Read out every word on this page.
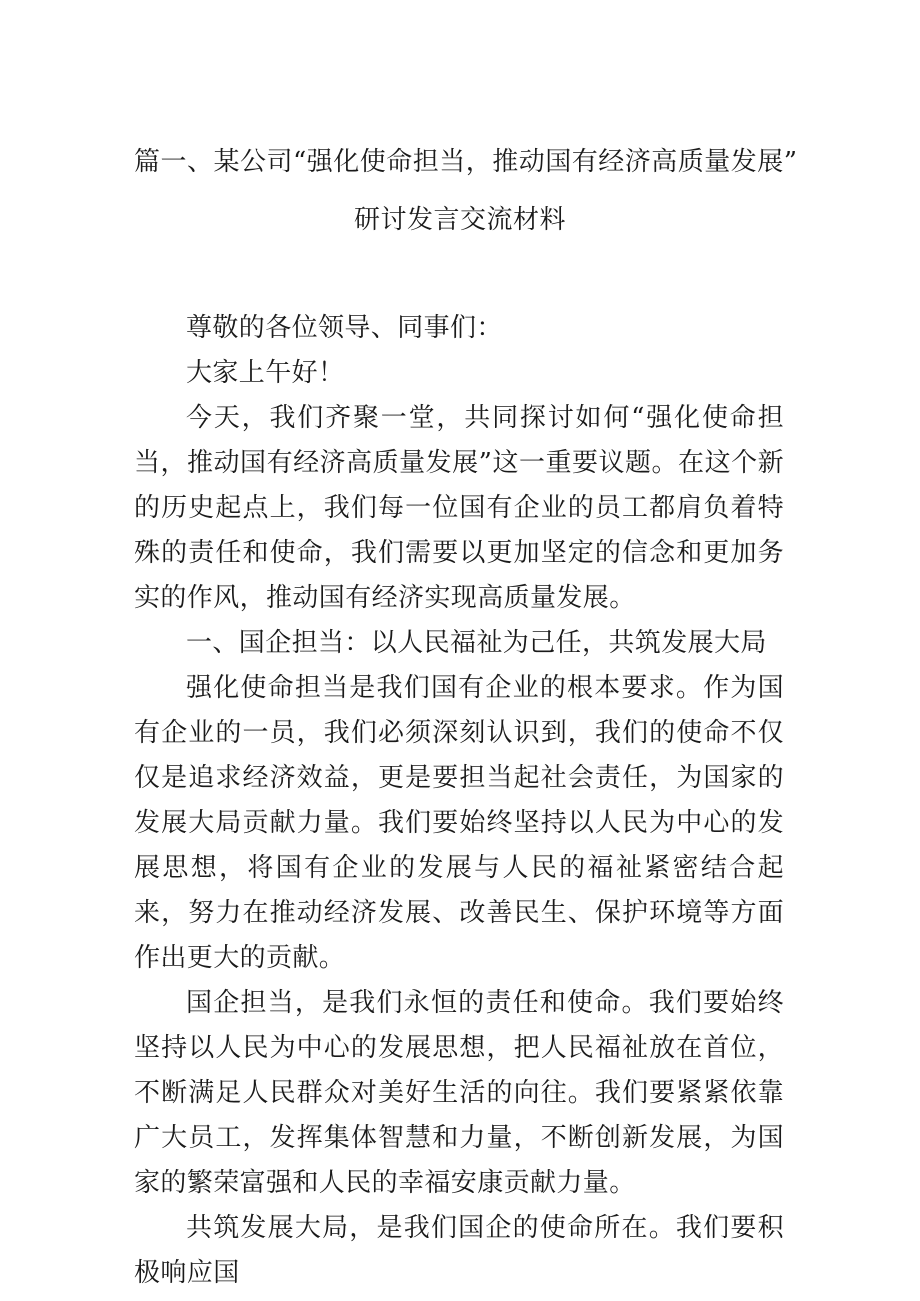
篇一、某公司“强化使命担当，推动国有经济高质量发展”
研讨发言交流材料

尊敬的各位领导、同事们：

大家上午好！

今天，我们齐聚一堂，共同探讨如何“强化使命担当，推动国有经济高质量发展”这一重要议题。在这个新的历史起点上，我们每一位国有企业的员工都肩负着特殊的责任和使命，我们需要以更加坚定的信念和更加务实的作风，推动国有经济实现高质量发展。

一、国企担当：以人民福祉为己任，共筑发展大局

强化使命担当是我们国有企业的根本要求。作为国有企业的一员，我们必须深刻认识到，我们的使命不仅仅是追求经济效益，更是要担当起社会责任，为国家的发展大局贡献力量。我们要始终坚持以人民为中心的发展思想，将国有企业的发展与人民的福祉紧密结合起来，努力在推动经济发展、改善民生、保护环境等方面作出更大的贡献。

国企担当，是我们永恒的责任和使命。我们要始终坚持以人民为中心的发展思想，把人民福祉放在首位，不断满足人民群众对美好生活的向往。我们要紧紧依靠广大员工，发挥集体智慧和力量，不断创新发展，为国家的繁荣富强和人民的幸福安康贡献力量。

共筑发展大局，是我们国企的使命所在。我们要积极响应国
